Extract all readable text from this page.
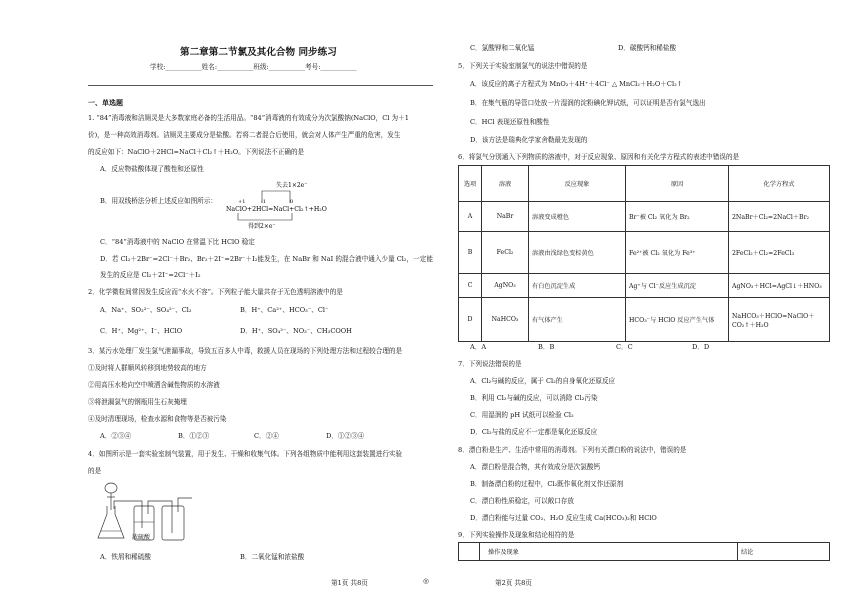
第二章第二节氯及其化合物 同步练习
学校:___________姓名:___________班级:___________考号:___________
一、单选题
1. “84”消毒液和洁厕灵是大多数家庭必备的生活用品。“84”消毒液的有效成分为次氯酸钠(NaClO，Cl 为＋1
价)，是一种高效消毒剂。洁厕灵主要成分是盐酸。若将二者混合后使用，就会对人体产生严重的危害，发生
的反应如下：NaClO＋2HCl=NaCl＋Cl₂↑＋H₂O。下列说法不正确的是
A．反应物盐酸体现了酸性和还原性
B．用双线桥法分析上述反应如图所示：
失去1×2e⁻
+1	-1	0
NaClO+2HCl=NaCl+Cl₂↑+H₂O
得到2×e⁻
C．“84”消毒液中的 NaClO 在常温下比 HClO 稳定
D．若 Cl₂＋2Br⁻=2Cl⁻＋Br₂、Br₂＋2I⁻=2Br⁻＋I₂能发生，在 NaBr 和 NaI 的混合液中通入少量 Cl₂，一定能
发生的反应是 Cl₂＋2I⁻=2Cl⁻＋I₂
2．化学微粒间常因发生反应而“水火不容”。下列粒子能大量共存于无色透明溶液中的是
A．Na⁺、SO₃²⁻、SO₄²⁻、Cl₂	B．H⁺、Ca²⁺、HCO₃⁻、Cl⁻
C．H⁺、Mg²⁺、I⁻、HClO	D．H⁺、SO₄²⁻、NO₃⁻、CH₃COOH
3．某污水处理厂发生氯气泄漏事故，导致五百多人中毒，救援人员在现场的下列处理方法和过程较合理的是
①及时将人群顺风转移到地势较高的地方
②用高压水枪向空中喷洒含碱性物质的水溶液
③将泄漏氯气的钢瓶用生石灰掩埋
④及时清理现场，检查水源和食物等是否被污染
A．②③④	B．①②③	C．②④	D．①②③④
4．如图所示是一套实验室制气装置，用于发生、干燥和收集气体。下列各组物质中能利用这套装置进行实验
的是
浓硫酸
A．铁屑和稀硫酸	B．二氧化锰和浓盐酸
C．氯酸钾和二氧化锰	D．碳酸钙和稀盐酸
5．下列关于实验室制氯气的说法中错误的是
A．该反应的离子方程式为 MnO₂＋4H⁺＋4Cl⁻ △ MnCl₂＋H₂O＋Cl₂↑
B．在集气瓶的导管口处放一片湿润的淀粉碘化钾试纸，可以证明是否有氯气逸出
C．HCl 表现还原性和酸性
D．该方法是瑞典化学家舍勒最先发现的
6．将氯气分别通入下列物质的溶液中，对于反应现象、原因和有关化学方程式的表述中错误的是
选项	溶液	反应现象	原因	化学方程式
A	NaBr	溶液变成橙色	Br⁻被 Cl₂ 氧化为 Br₂	2NaBr＋Cl₂=2NaCl＋Br₂
B	FeCl₂	溶液由浅绿色变棕黄色	Fe²⁺被 Cl₂ 氧化为 Fe³⁺	2FeCl₂＋Cl₂=2FeCl₃
C	AgNO₃	有白色沉淀生成	Ag⁺与 Cl⁻反应生成沉淀	AgNO₃＋HCl=AgCl↓＋HNO₃
D	NaHCO₃	有气体产生	HCO₃⁻与 HClO 反应产生气体	NaHCO₃＋HClO=NaClO＋CO₂↑＋H₂O
A．A	B．B	C．C	D．D
7．下列说法错误的是
A．Cl₂与碱的反应，属于 Cl₂的自身氧化还原反应
B．利用 Cl₂与碱的反应，可以消除 Cl₂污染
C．用湿润的 pH 试纸可以检验 Cl₂
D．Cl₂与盐的反应不一定都是氧化还原反应
8．漂白粉是生产、生活中常用的消毒剂。下列有关漂白粉的说法中，错误的是
A．漂白粉是混合物，其有效成分是次氯酸钙
B．制备漂白粉的过程中，Cl₂既作氧化剂又作还原剂
C．漂白粉性质稳定，可以敞口存放
D．漂白粉能与过量 CO₂、H₂O 反应生成 Ca(HCO₃)₂和 HClO
9．下列实验操作及现象和结论相符的是
	操作及现象	结论
第1页 共8页	◎	第2页 共8页
